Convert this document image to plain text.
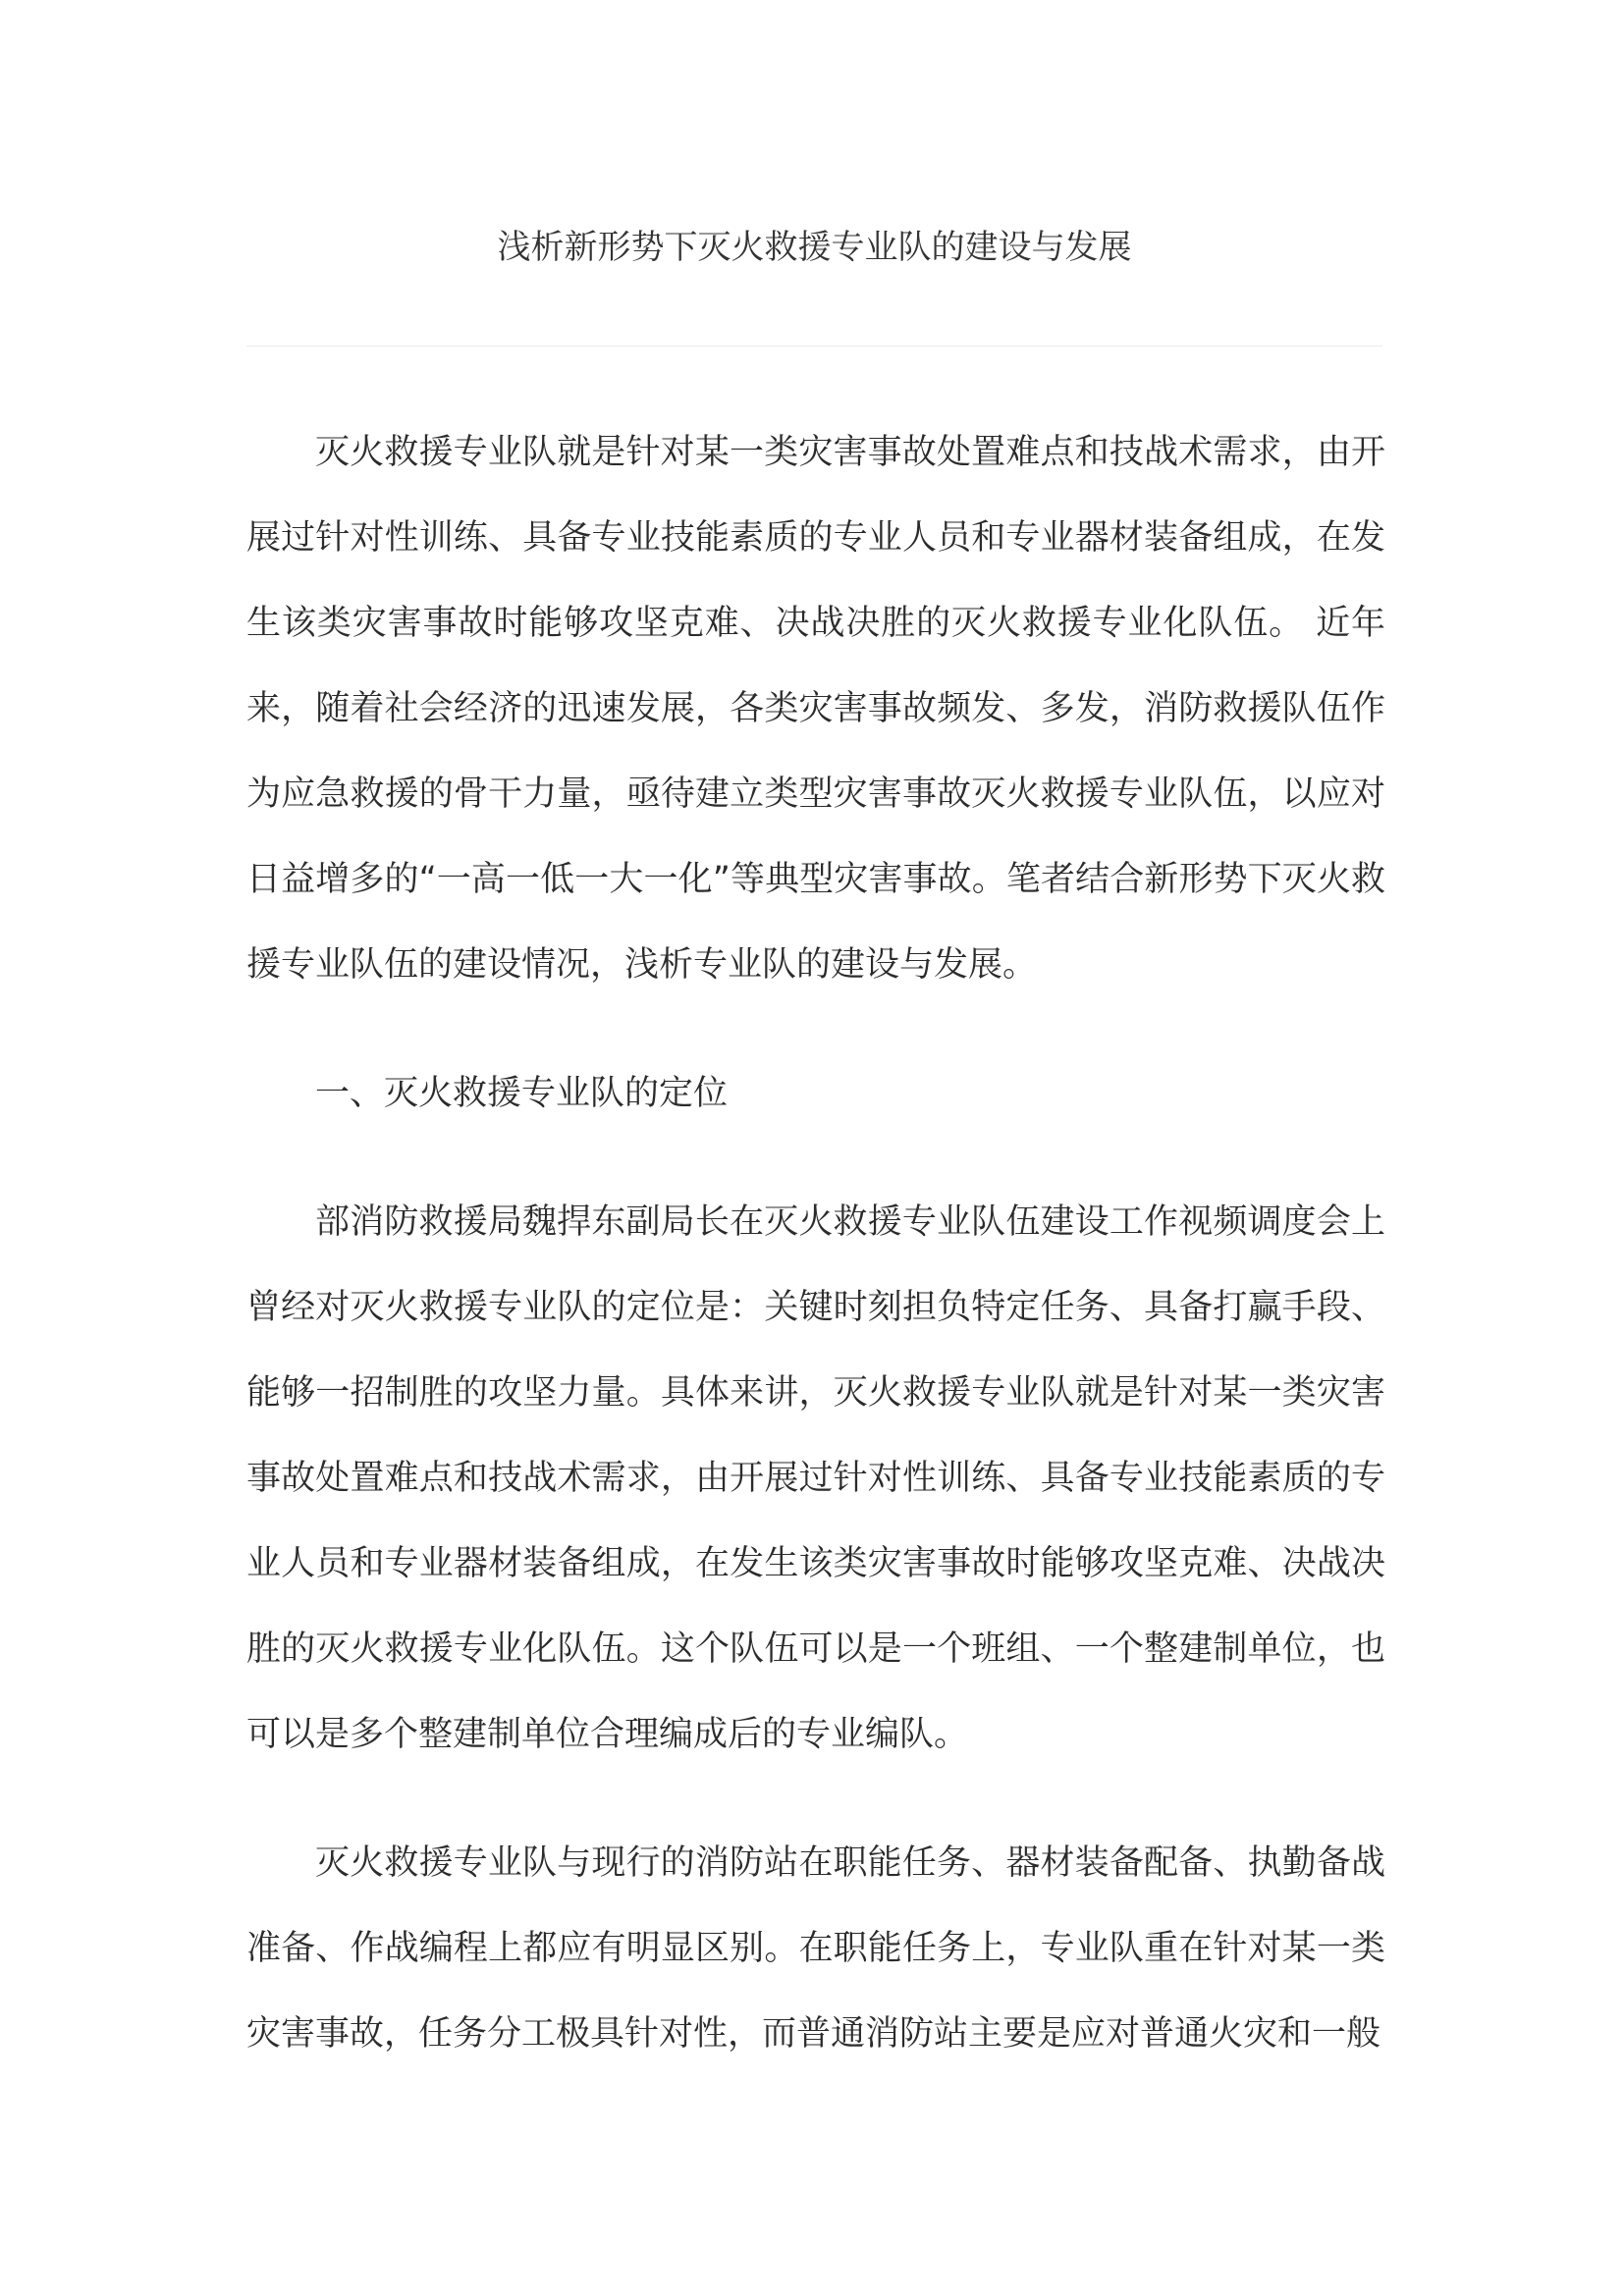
浅析新形势下灭火救援专业队的建设与发展

灭火救援专业队就是针对某一类灾害事故处置难点和技战术需求，由开展过针对性训练、具备专业技能素质的专业人员和专业器材装备组成，在发生该类灾害事故时能够攻坚克难、决战决胜的灭火救援专业化队伍。 近年来，随着社会经济的迅速发展，各类灾害事故频发、多发，消防救援队伍作为应急救援的骨干力量，亟待建立类型灾害事故灭火救援专业队伍，以应对日益增多的“一高一低一大一化”等典型灾害事故。笔者结合新形势下灭火救援专业队伍的建设情况，浅析专业队的建设与发展。

一、灭火救援专业队的定位

部消防救援局魏捍东副局长在灭火救援专业队伍建设工作视频调度会上曾经对灭火救援专业队的定位是：关键时刻担负特定任务、具备打赢手段、能够一招制胜的攻坚力量。具体来讲，灭火救援专业队就是针对某一类灾害事故处置难点和技战术需求，由开展过针对性训练、具备专业技能素质的专业人员和专业器材装备组成，在发生该类灾害事故时能够攻坚克难、决战决胜的灭火救援专业化队伍。这个队伍可以是一个班组、一个整建制单位，也可以是多个整建制单位合理编成后的专业编队。

灭火救援专业队与现行的消防站在职能任务、器材装备配备、执勤备战准备、作战编程上都应有明显区别。在职能任务上，专业队重在针对某一类灾害事故，任务分工极具针对性，而普通消防站主要是应对普通火灾和一般
